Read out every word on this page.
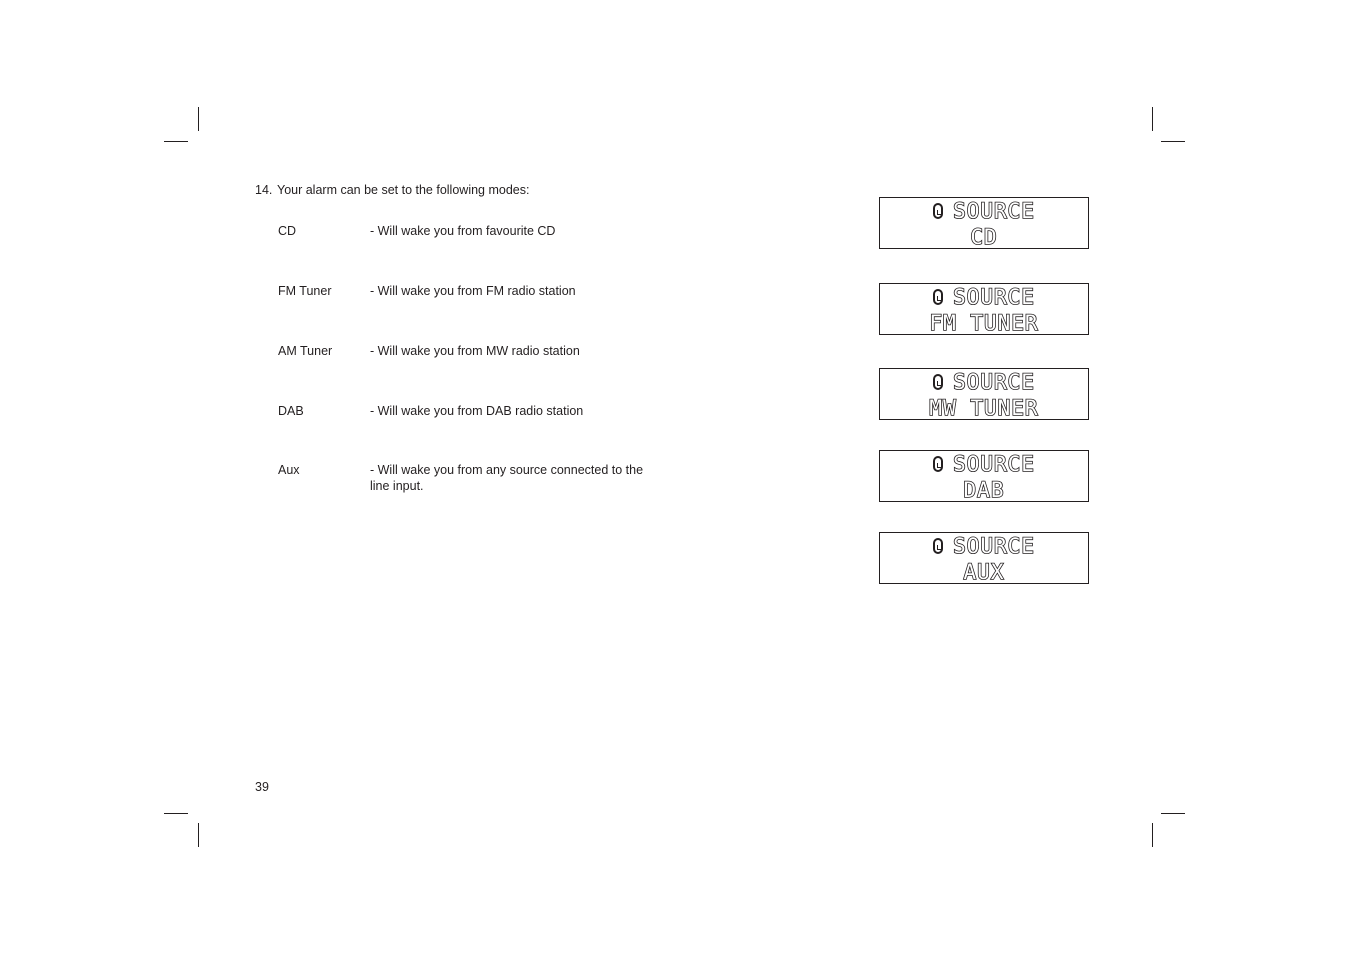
14. Your alarm can be set to the following modes:
CD	- Will wake you from favourite CD
FM Tuner	- Will wake you from FM radio station
AM Tuner	- Will wake you from MW radio station
DAB	- Will wake you from DAB radio station
Aux	- Will wake you from any source connected to the
line input.
SOURCE
CD
SOURCE
FM TUNER
SOURCE
MW TUNER
SOURCE
DAB
SOURCE
AUX
39
